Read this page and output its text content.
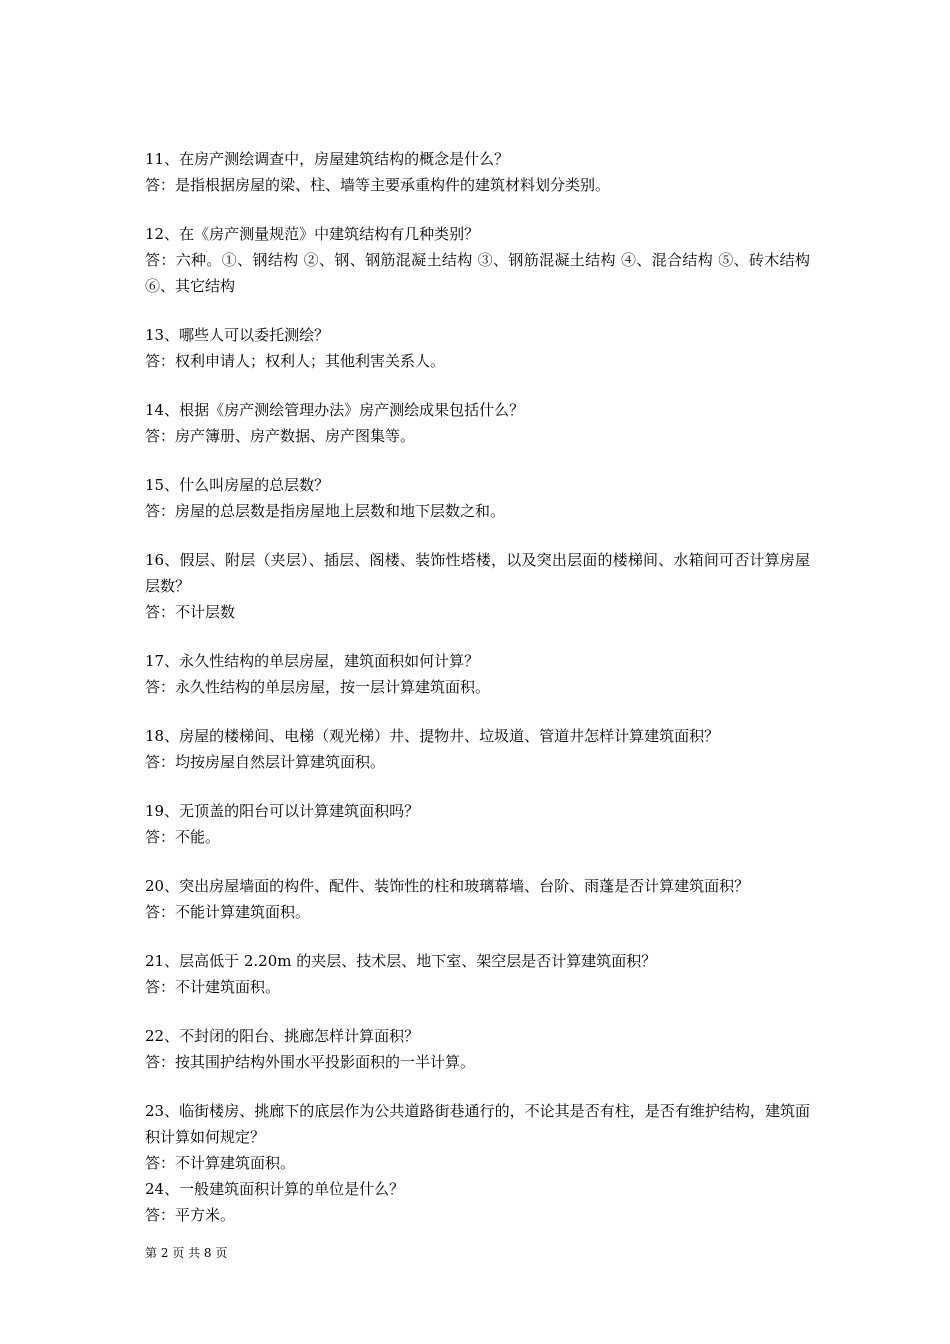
11、在房产测绘调查中，房屋建筑结构的概念是什么？

答：是指根据房屋的梁、柱、墙等主要承重构件的建筑材料划分类别。

12、在《房产测量规范》中建筑结构有几种类别？

答：六种。①、钢结构 ②、钢、钢筋混凝土结构 ③、钢筋混凝土结构 ④、混合结构 ⑤、砖木结构 ⑥、其它结构

13、哪些人可以委托测绘？

答：权利申请人；权利人；其他利害关系人。

14、根据《房产测绘管理办法》房产测绘成果包括什么？

答：房产簿册、房产数据、房产图集等。

15、什么叫房屋的总层数？

答：房屋的总层数是指房屋地上层数和地下层数之和。

16、假层、附层（夹层）、插层、阁楼、装饰性塔楼，以及突出层面的楼梯间、水箱间可否计算房屋层数？

答：不计层数

17、永久性结构的单层房屋，建筑面积如何计算？

答：永久性结构的单层房屋，按一层计算建筑面积。

18、房屋的楼梯间、电梯（观光梯）井、提物井、垃圾道、管道井怎样计算建筑面积？

答：均按房屋自然层计算建筑面积。

19、无顶盖的阳台可以计算建筑面积吗？

答：不能。

20、突出房屋墙面的构件、配件、装饰性的柱和玻璃幕墙、台阶、雨蓬是否计算建筑面积？

答：不能计算建筑面积。

21、层高低于 2.20m 的夹层、技术层、地下室、架空层是否计算建筑面积？

答：不计建筑面积。

22、不封闭的阳台、挑廊怎样计算面积？

答：按其围护结构外围水平投影面积的一半计算。

23、临街楼房、挑廊下的底层作为公共道路街巷通行的，不论其是否有柱，是否有维护结构，建筑面积计算如何规定？

答：不计算建筑面积。

24、一般建筑面积计算的单位是什么？

答：平方米。

第 2 页 共 8 页
